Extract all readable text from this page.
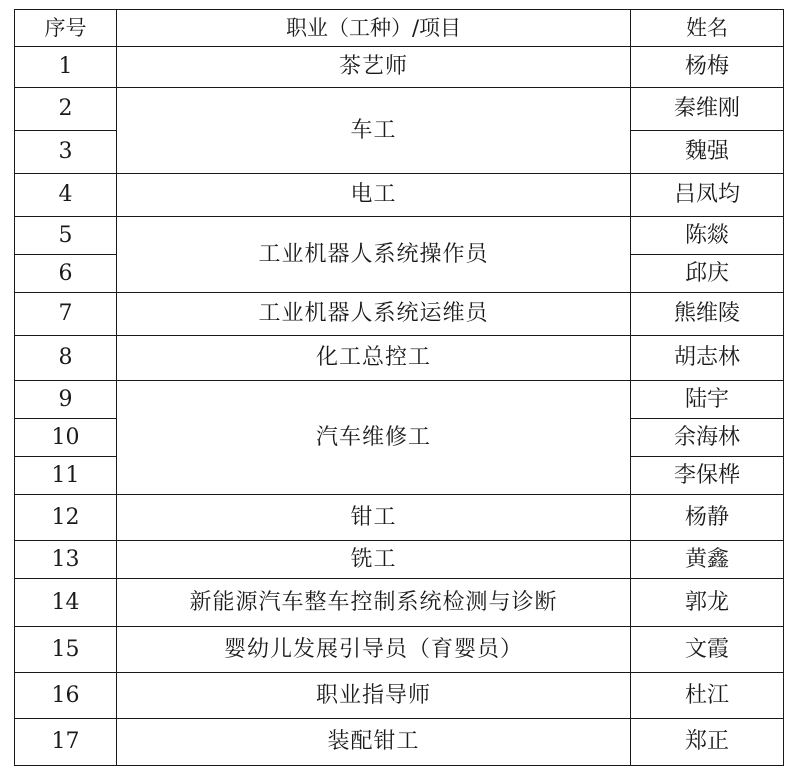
序号	职业（工种）/项目	姓名
1	茶艺师	杨梅
2	车工	秦维刚
3		魏强
4	电工	吕凤均
5	工业机器人系统操作员	陈燚
6		邱庆
7	工业机器人系统运维员	熊维陵
8	化工总控工	胡志林
9	汽车维修工	陆宇
10		余海林
11		李保桦
12	钳工	杨静
13	铣工	黄鑫
14	新能源汽车整车控制系统检测与诊断	郭龙
15	婴幼儿发展引导员（育婴员）	文霞
16	职业指导师	杜江
17	装配钳工	郑正
